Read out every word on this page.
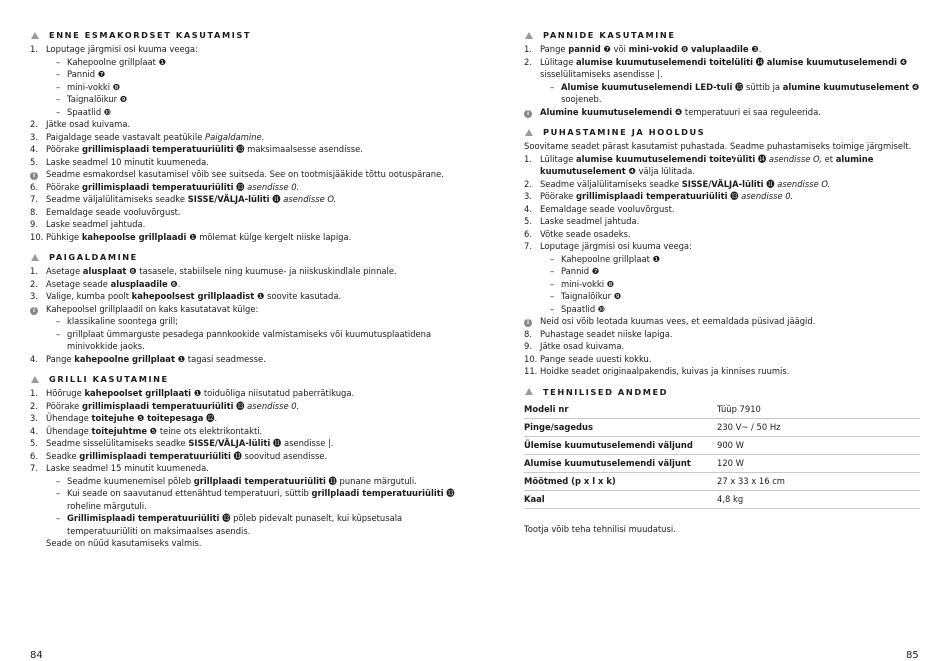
ENNE ESMAKORDSET KASUTAMIST
1. Loputage järgmisi osi kuuma veega:
– Kahepoolne grillplaat ❶
– Pannid ❼
– mini-vokki ❽
– Taignalõikur ❾
– Spaatlid ❿
2. Jätke osad kuivama.
3. Paigaldage seade vastavalt peatükile Paigaldamine.
4. Pöörake grillimisplaadi temperatuuriüliti ⓭ maksimaalsesse asendisse.
5. Laske seadmel 10 minutit kuumeneda.
i	Seadme esmakordsel kasutamisel võib see suitseda. See on tootmisjääkide tõttu ootuspärane.
6. Pöörake grillimisplaadi temperatuuriüliti ⓭ asendisse 0.
7. Seadme väljalülitamiseks seadke SISSE/VÄLJA-lüliti ⓫ asendisse O.
8. Eemaldage seade vooluvõrgust.
9. Laske seadmel jahtuda.
10. Pühkige kahepoolse grillplaadi ❶ mõlemat külge kergelt niiske lapiga.
PAIGALDAMINE
1. Asetage alusplaat ❻ tasasele, stabiilsele ning kuumuse- ja niiskuskindlale pinnale.
2. Asetage seade alusplaadile ❻.
3. Valige, kumba poolt kahepoolsest grillplaadist ❶ soovite kasutada.
i	Kahepoolsel grillplaadil on kaks kasutatavat külge:
– klassikaline soontega grill;
– grillplaat ümmarguste pesadega pannkookide valmistamiseks või kuumutusplaatidena minivokkide jaoks.
4. Pange kahepoolne grillplaat ❶ tagasi seadmesse.
GRILLI KASUTAMINE
1. Hõõruge kahepoolset grillplaati ❶ toiduõliga niisutatud paberrätikuga.
2. Pöörake grillimisplaadi temperatuuriüliti ⓭ asendisse 0.
3. Ühendage toitejuhe ❺ toitepesaga ⓬.
4. Ühendage toitejuhtme ❺ teine ots elektrikontakti.
5. Seadme sisselülitamiseks seadke SISSE/VÄLJA-lüliti ⓫ asendisse |.
6. Seadke grillimisplaadi temperatuuriüliti ⓭ soovitud asendisse.
7. Laske seadmel 15 minutit kuumeneda.
– Seadme kuumenemisel põleb grillplaadi temperatuuriüliti ⓭ punane märgutuli.
– Kui seade on saavutanud ettenähtud temperatuuri, süttib grillplaadi temperatuuriüliti ⓭ roheline märgutuli.
– Grillimisplaadi temperatuuriüliti ⓭ põleb pidevalt punaselt, kui küpsetusala temperatuuriüliti on maksimaalses asendis.
Seade on nüüd kasutamiseks valmis.
PANNIDE KASUTAMINE
1. Pange pannid ❼ või mini-vokid ❽ valuplaadile ❸.
2. Lülitage alumise kuumutuselemendi toitelüliti ⓮ alumise kuumutuselemendi ❹ sisselülitamiseks asendisse |.
– Alumise kuumutuselemendi LED-tuli ⓯ süttib ja alumine kuumutuselement ❹ soojeneb.
i	Alumine kuumutuselemendi ❹ temperatuuri ei saa reguleerida.
PUHASTAMINE JA HOOLDUS
Soovitame seadet pärast kasutamist puhastada. Seadme puhastamiseks toimige järgmiselt.
1. Lülitage alumise kuumutuselemendi toiteלüliti ⓮ asendisse O, et alumine kuumutuselement ❹ välja lülitada.
2. Seadme väljalülitamiseks seadke SISSE/VÄLJA-lüliti ⓫ asendisse O.
3. Pöörake grillimisplaadi temperatuuriüliti ⓭ asendisse 0.
4. Eemaldage seade vooluvõrgust.
5. Laske seadmel jahtuda.
6. Võtke seade osadeks.
7. Loputage järgmisi osi kuuma veega:
– Kahepoolne grillplaat ❶
– Pannid ❼
– mini-vokki ❽
– Taignalõikur ❾
– Spaatlid ❿
i	Neid osi võib leotada kuumas vees, et eemaldada püsivad jäägid.
8. Puhastage seadet niiske lapiga.
9. Jätke osad kuivama.
10. Pange seade uuesti kokku.
11. Hoidke seadet originaalpakendis, kuivas ja kinnises ruumis.
TEHNILISED ANDMED
Modeli nr	Tüüp 7910
Pinge/sagedus	230 V~ / 50 Hz
Ülemise kuumutuselemendi väljund	900 W
Alumise kuumutuselemendi väljunt	120 W
Mõõtmed (p x l x k)	27 x 33 x 16 cm
Kaal	4,8 kg
Tootja võib teha tehnilisi muudatusi.
84	85
